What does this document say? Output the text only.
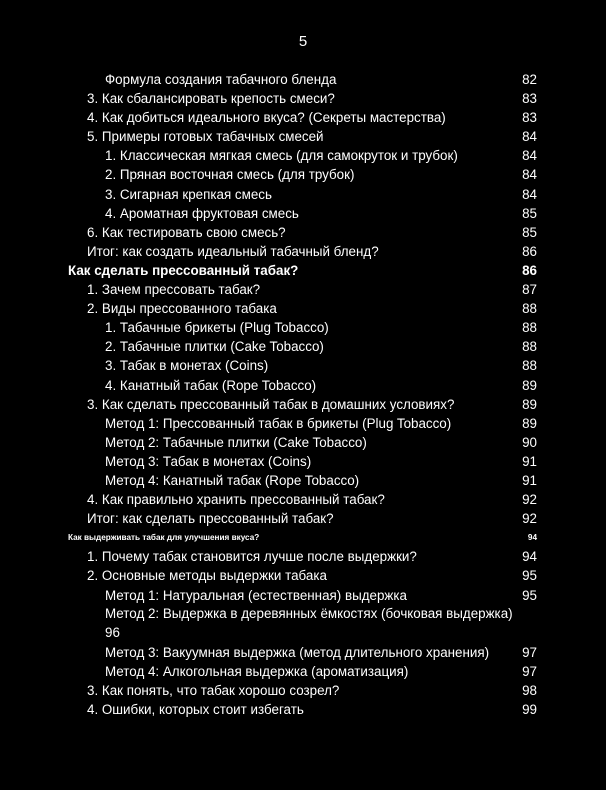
5
Формула создания табачного бленда	82
3. Как сбалансировать крепость смеси?	83
4. Как добиться идеального вкуса? (Секреты мастерства)	83
5. Примеры готовых табачных смесей	84
1. Классическая мягкая смесь (для самокруток и трубок)	84
2. Пряная восточная смесь (для трубок)	84
3. Сигарная крепкая смесь	84
4. Ароматная фруктовая смесь	85
6. Как тестировать свою смесь?	85
Итог: как создать идеальный табачный бленд?	86
Как сделать прессованный табак?	86
1. Зачем прессовать табак?	87
2. Виды прессованного табака	88
1. Табачные брикеты (Plug Tobacco)	88
2. Табачные плитки (Cake Tobacco)	88
3. Табак в монетах (Coins)	88
4. Канатный табак (Rope Tobacco)	89
3. Как сделать прессованный табак в домашних условиях?	89
Метод 1: Прессованный табак в брикеты (Plug Tobacco)	89
Метод 2: Табачные плитки (Cake Tobacco)	90
Метод 3: Табак в монетах (Coins)	91
Метод 4: Канатный табак (Rope Tobacco)	91
4. Как правильно хранить прессованный табак?	92
Итог: как сделать прессованный табак?	92
Как выдерживать табак для улучшения вкуса?	94
1. Почему табак становится лучше после выдержки?	94
2. Основные методы выдержки табака	95
Метод 1: Натуральная (естественная) выдержка	95
Метод 2: Выдержка в деревянных ёмкостях (бочковая выдержка)
96
Метод 3: Вакуумная выдержка (метод длительного хранения) 97
Метод 4: Алкогольная выдержка (ароматизация)	97
3. Как понять, что табак хорошо созрел?	98
4. Ошибки, которых стоит избегать	99
